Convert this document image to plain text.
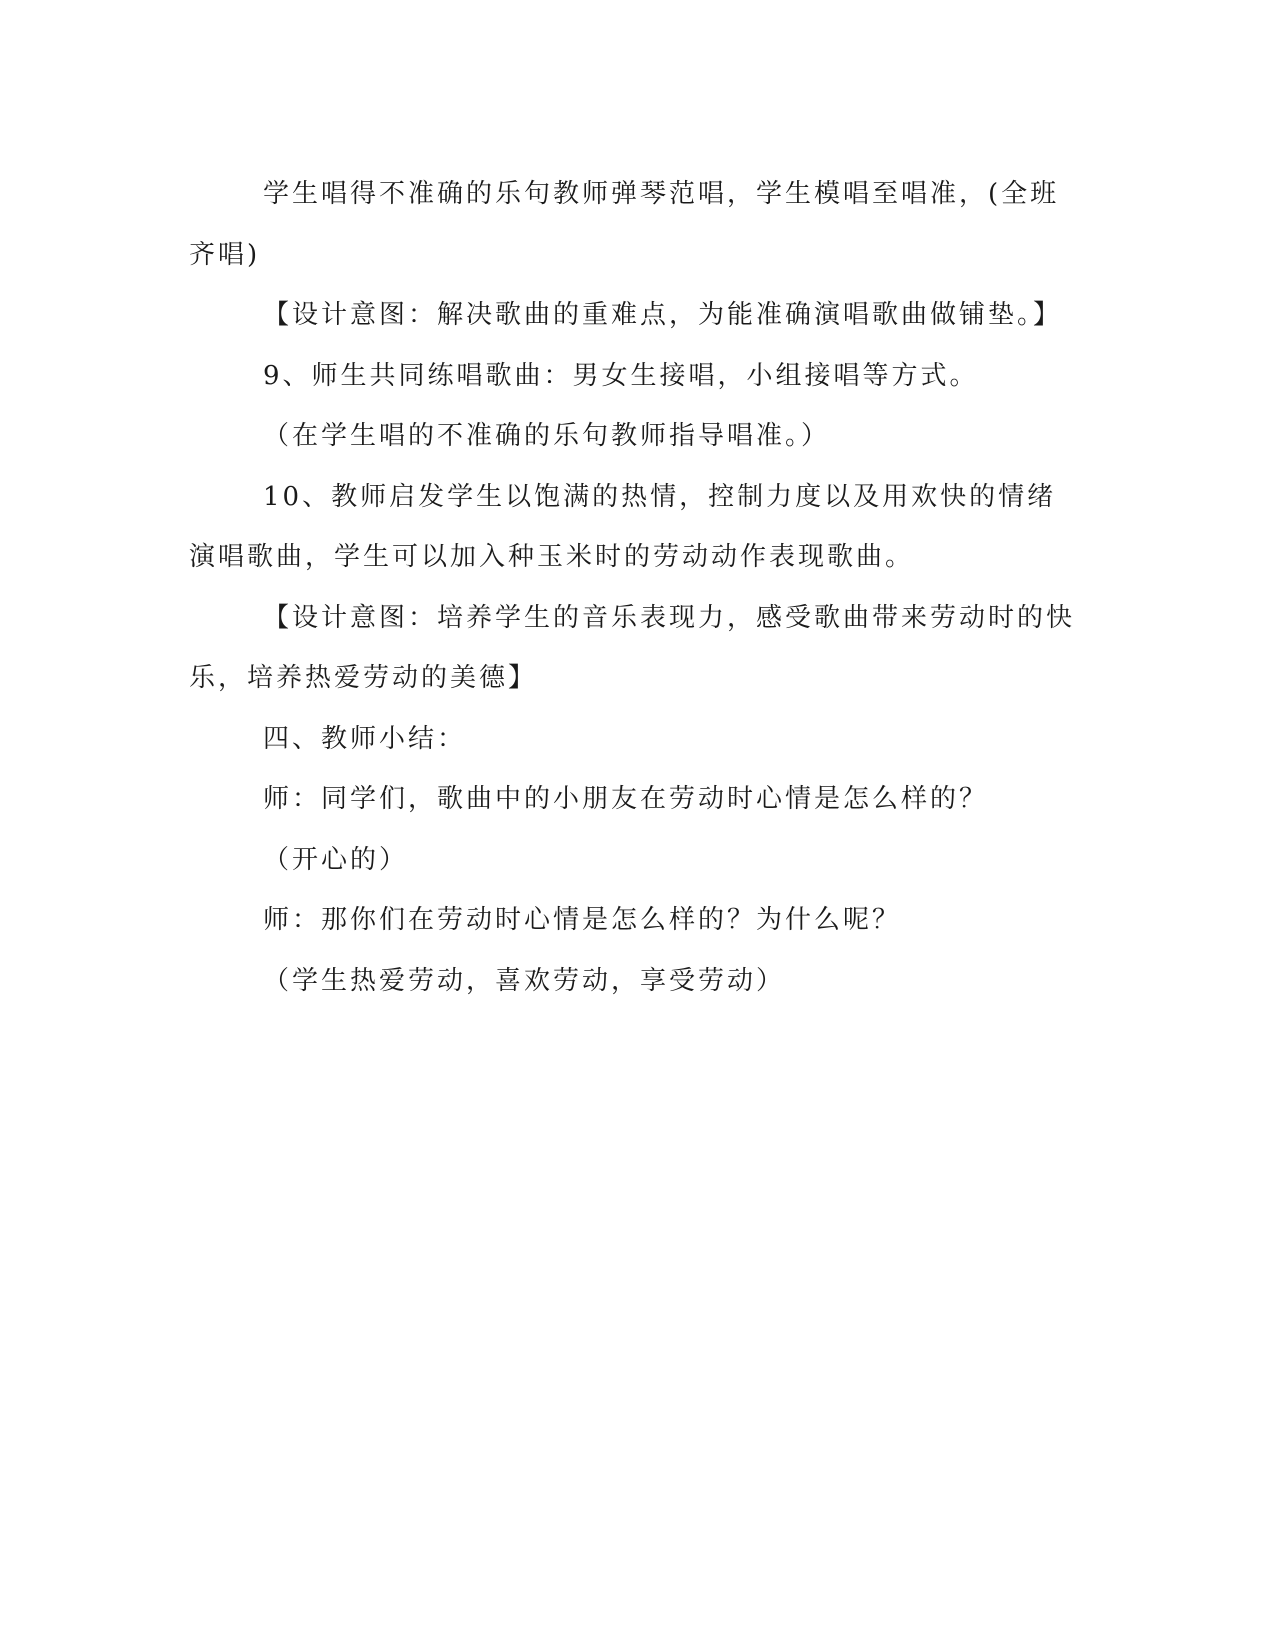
学生唱得不准确的乐句教师弹琴范唱，学生模唱至唱准，(全班齐唱)

【设计意图：解决歌曲的重难点，为能准确演唱歌曲做铺垫。】

9、师生共同练唱歌曲：男女生接唱，小组接唱等方式。

（在学生唱的不准确的乐句教师指导唱准。）

10、教师启发学生以饱满的热情，控制力度以及用欢快的情绪演唱歌曲，学生可以加入种玉米时的劳动动作表现歌曲。

【设计意图：培养学生的音乐表现力，感受歌曲带来劳动时的快乐，培养热爱劳动的美德】

四、教师小结：

师：同学们，歌曲中的小朋友在劳动时心情是怎么样的？

（开心的）

师：那你们在劳动时心情是怎么样的？为什么呢？

（学生热爱劳动，喜欢劳动，享受劳动）
